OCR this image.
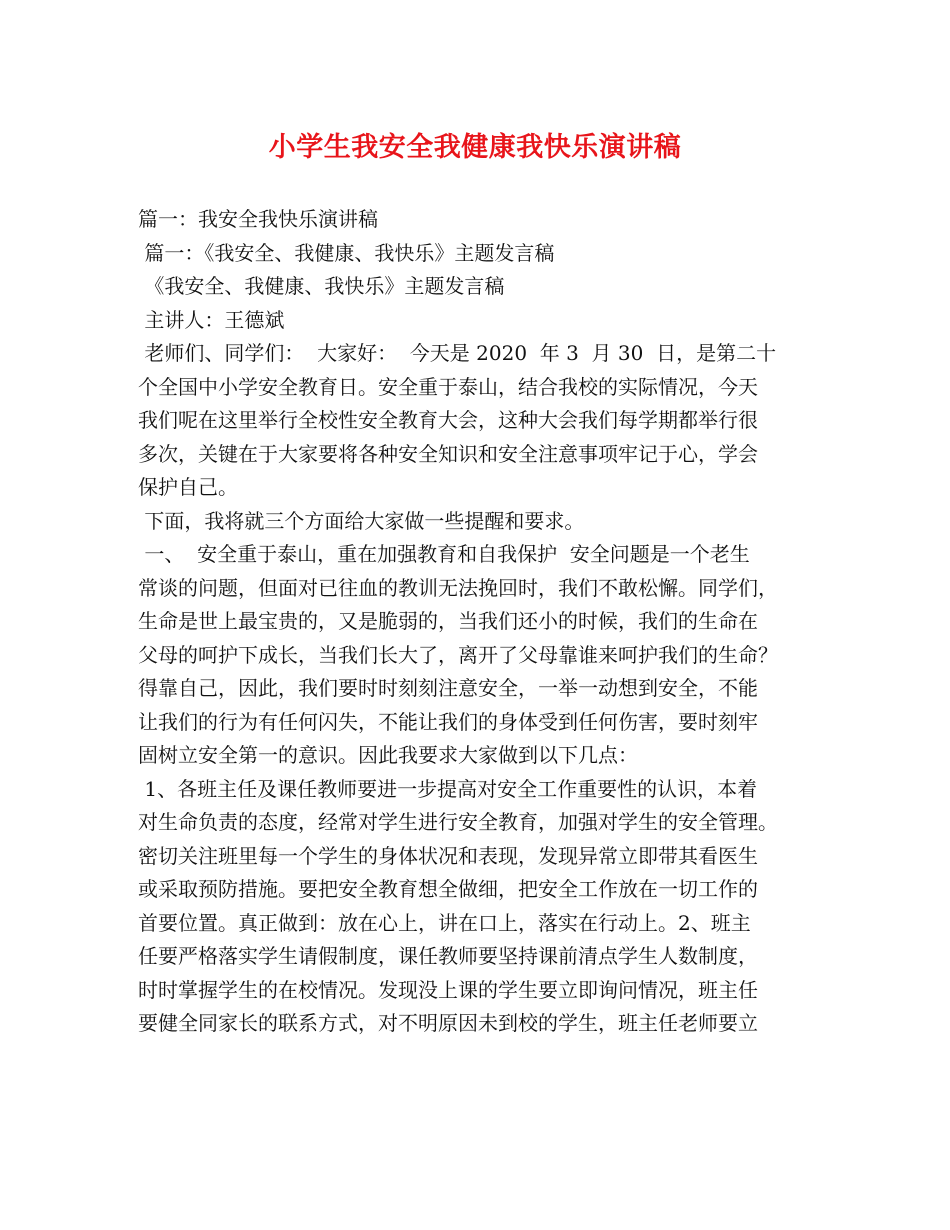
小学生我安全我健康我快乐演讲稿
篇一：我安全我快乐演讲稿
篇一：《我安全、我健康、我快乐》主题发言稿
《我安全、我健康、我快乐》主题发言稿
主讲人：王德斌
老师们、同学们：  大家好：  今天是 2020  年 3  月 30  日，是第二十
个全国中小学安全教育日。安全重于泰山，结合我校的实际情况，今天
我们呢在这里举行全校性安全教育大会，这种大会我们每学期都举行很
多次，关键在于大家要将各种安全知识和安全注意事项牢记于心，学会
保护自己。
下面，我将就三个方面给大家做一些提醒和要求。
一、  安全重于泰山，重在加强教育和自我保护  安全问题是一个老生
常谈的问题，但面对已往血的教训无法挽回时，我们不敢松懈。同学们，
生命是世上最宝贵的，又是脆弱的，当我们还小的时候，我们的生命在
父母的呵护下成长，当我们长大了，离开了父母靠谁来呵护我们的生命？
得靠自己，因此，我们要时时刻刻注意安全，一举一动想到安全，不能
让我们的行为有任何闪失，不能让我们的身体受到任何伤害，要时刻牢
固树立安全第一的意识。因此我要求大家做到以下几点：
1、各班主任及课任教师要进一步提高对安全工作重要性的认识，本着
对生命负责的态度，经常对学生进行安全教育，加强对学生的安全管理。
密切关注班里每一个学生的身体状况和表现，发现异常立即带其看医生
或采取预防措施。要把安全教育想全做细，把安全工作放在一切工作的
首要位置。真正做到：放在心上，讲在口上，落实在行动上。2、班主
任要严格落实学生请假制度，课任教师要坚持课前清点学生人数制度，
时时掌握学生的在校情况。发现没上课的学生要立即询问情况，班主任
要健全同家长的联系方式，对不明原因未到校的学生，班主任老师要立
